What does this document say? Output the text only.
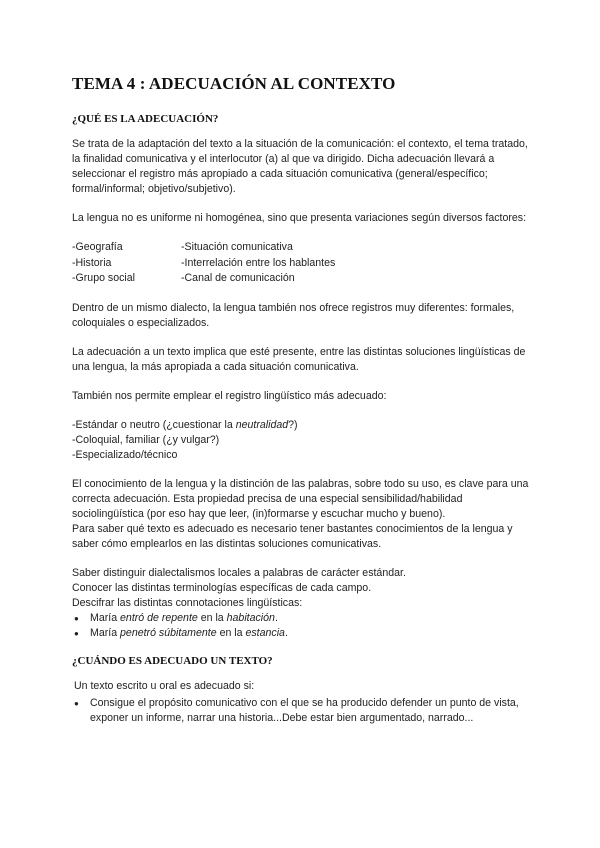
TEMA 4 : ADECUACIÓN AL CONTEXTO
¿QUÉ ES LA ADECUACIÓN?

Se trata de la adaptación del texto a la situación de la comunicación: el contexto, el tema tratado, la finalidad comunicativa y el interlocutor (a) al que va dirigido. Dicha adecuación llevará a seleccionar el registro más apropiado a cada situación comunicativa (general/específico; formal/informal; objetivo/subjetivo).

La lengua no es uniforme ni homogénea, sino que presenta variaciones según diversos factores:

-Geografía	-Situación comunicativa
-Historia	-Interrelación entre los hablantes
-Grupo social	-Canal de comunicación

Dentro de un mismo dialecto, la lengua también nos ofrece registros muy diferentes: formales, coloquiales o especializados.

La adecuación a un texto implica que esté presente, entre las distintas soluciones lingüísticas de una lengua, la más apropiada a cada situación comunicativa.

También nos permite emplear el registro lingüístico más adecuado:

-Estándar o neutro (¿cuestionar la neutralidad?)
-Coloquial, familiar (¿y vulgar?)
-Especializado/técnico

El conocimiento de la lengua y la distinción de las palabras, sobre todo su uso, es clave para una correcta adecuación. Esta propiedad precisa de una especial sensibilidad/habilidad sociolingüística (por eso hay que leer, (in)formarse y escuchar mucho y bueno).

Para saber qué texto es adecuado es necesario tener bastantes conocimientos de la lengua y saber cómo emplearlos en las distintas soluciones comunicativas.

Saber distinguir dialectalismos locales a palabras de carácter estándar.
Conocer las distintas terminologías específicas de cada campo.
Descifrar las distintas connotaciones lingüísticas:
● María entró de repente en la habitación.
● María penetró súbitamente en la estancia.
¿CUÁNDO ES ADECUADO UN TEXTO?
Un texto escrito u oral es adecuado si:
● Consigue el propósito comunicativo con el que se ha producido defender un punto de vista, exponer un informe, narrar una historia...Debe estar bien argumentado, narrado...
